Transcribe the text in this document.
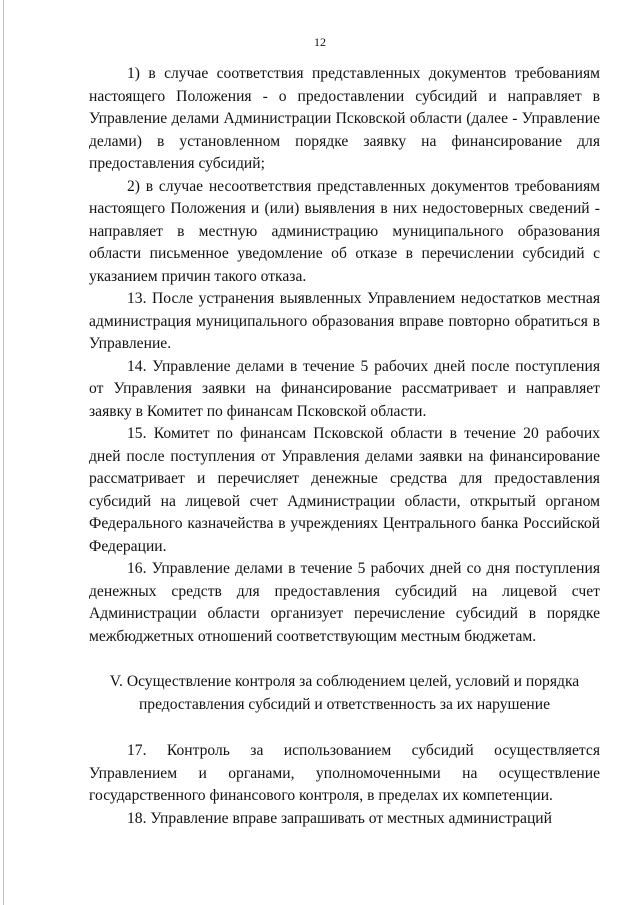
12

1) в случае соответствия представленных документов требованиям настоящего Положения - о предоставлении субсидий и направляет в Управление делами Администрации Псковской области (далее - Управление делами) в установленном порядке заявку на финансирование для предоставления субсидий;

2) в случае несоответствия представленных документов требованиям настоящего Положения и (или) выявления в них недостоверных сведений - направляет в местную администрацию муниципального образования области письменное уведомление об отказе в перечислении субсидий с указанием причин такого отказа.

13. После устранения выявленных Управлением недостатков местная администрация муниципального образования вправе повторно обратиться в Управление.

14. Управление делами в течение 5 рабочих дней после поступления от Управления заявки на финансирование рассматривает и направляет заявку в Комитет по финансам Псковской области.

15. Комитет по финансам Псковской области в течение 20 рабочих дней после поступления от Управления делами заявки на финансирование рассматривает и перечисляет денежные средства для предоставления субсидий на лицевой счет Администрации области, открытый органом Федерального казначейства в учреждениях Центрального банка Российской Федерации.

16. Управление делами в течение 5 рабочих дней со дня поступления денежных средств для предоставления субсидий на лицевой счет Администрации области организует перечисление субсидий в порядке межбюджетных отношений соответствующим местным бюджетам.

V. Осуществление контроля за соблюдением целей, условий и порядка
предоставления субсидий и ответственность за их нарушение

17. Контроль за использованием субсидий осуществляется Управлением и органами, уполномоченными на осуществление государственного финансового контроля, в пределах их компетенции.

18. Управление вправе запрашивать от местных администраций
